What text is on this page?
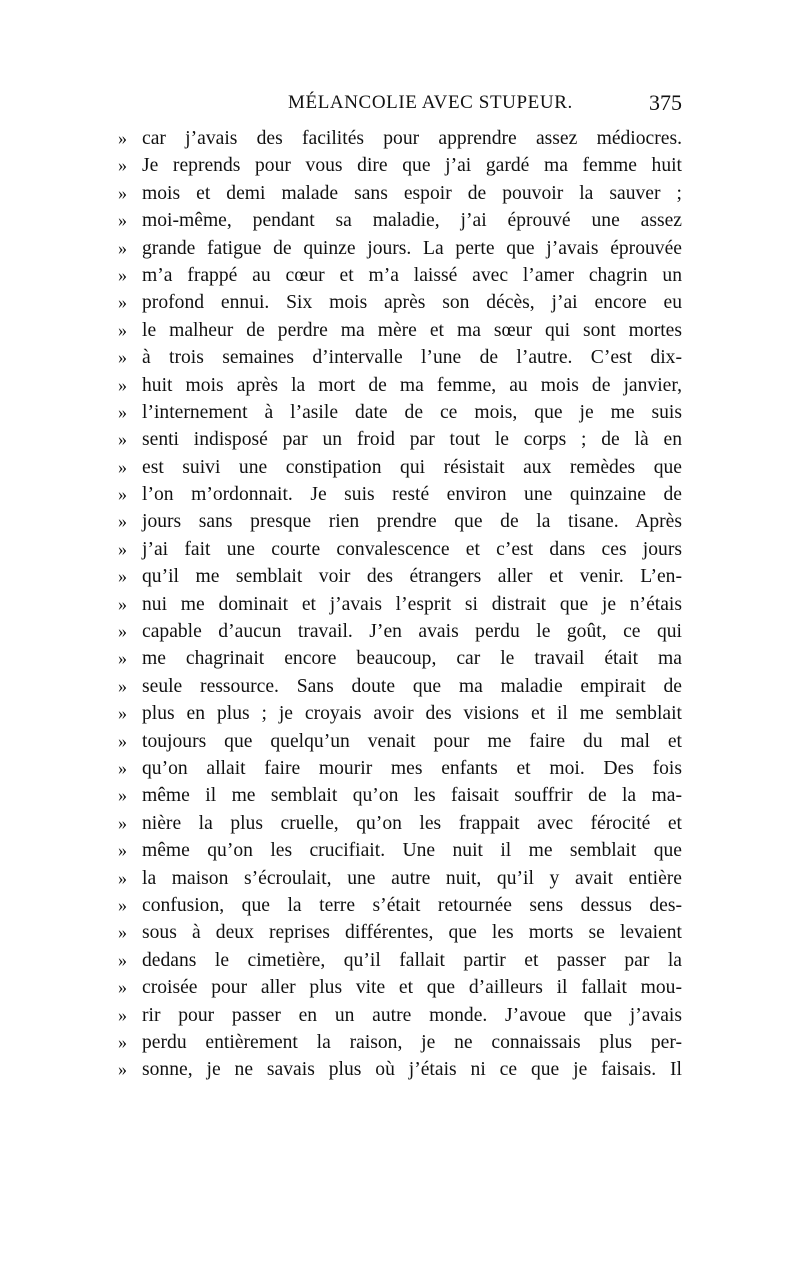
MÉLANCOLIE AVEC STUPEUR.	375
» car j’avais des facilités pour apprendre assez médiocres.
» Je reprends pour vous dire que j’ai gardé ma femme huit
» mois et demi malade sans espoir de pouvoir la sauver ;
» moi-même, pendant sa maladie, j’ai éprouvé une assez
» grande fatigue de quinze jours. La perte que j’avais éprouvée
» m’a frappé au cœur et m’a laissé avec l’amer chagrin un
» profond ennui. Six mois après son décès, j’ai encore eu
» le malheur de perdre ma mère et ma sœur qui sont mortes
» à trois semaines d’intervalle l’une de l’autre. C’est dix-
» huit mois après la mort de ma femme, au mois de janvier,
» l’internement à l’asile date de ce mois, que je me suis
» senti indisposé par un froid par tout le corps ; de là en
» est suivi une constipation qui résistait aux remèdes que
» l’on m’ordonnait. Je suis resté environ une quinzaine de
» jours sans presque rien prendre que de la tisane. Après
» j’ai fait une courte convalescence et c’est dans ces jours
» qu’il me semblait voir des étrangers aller et venir. L’en-
» nui me dominait et j’avais l’esprit si distrait que je n’étais
» capable d’aucun travail. J’en avais perdu le goût, ce qui
» me chagrinait encore beaucoup, car le travail était ma
» seule ressource. Sans doute que ma maladie empirait de
» plus en plus ; je croyais avoir des visions et il me semblait
» toujours que quelqu’un venait pour me faire du mal et
» qu’on allait faire mourir mes enfants et moi. Des fois
» même il me semblait qu’on les faisait souffrir de la ma-
» nière la plus cruelle, qu’on les frappait avec férocité et
» même qu’on les crucifiait. Une nuit il me semblait que
» la maison s’écroulait, une autre nuit, qu’il y avait entière
» confusion, que la terre s’était retournée sens dessus des-
» sous à deux reprises différentes, que les morts se levaient
» dedans le cimetière, qu’il fallait partir et passer par la
» croisée pour aller plus vite et que d’ailleurs il fallait mou-
» rir pour passer en un autre monde. J’avoue que j’avais
» perdu entièrement la raison, je ne connaissais plus per-
» sonne, je ne savais plus où j’étais ni ce que je faisais. Il
